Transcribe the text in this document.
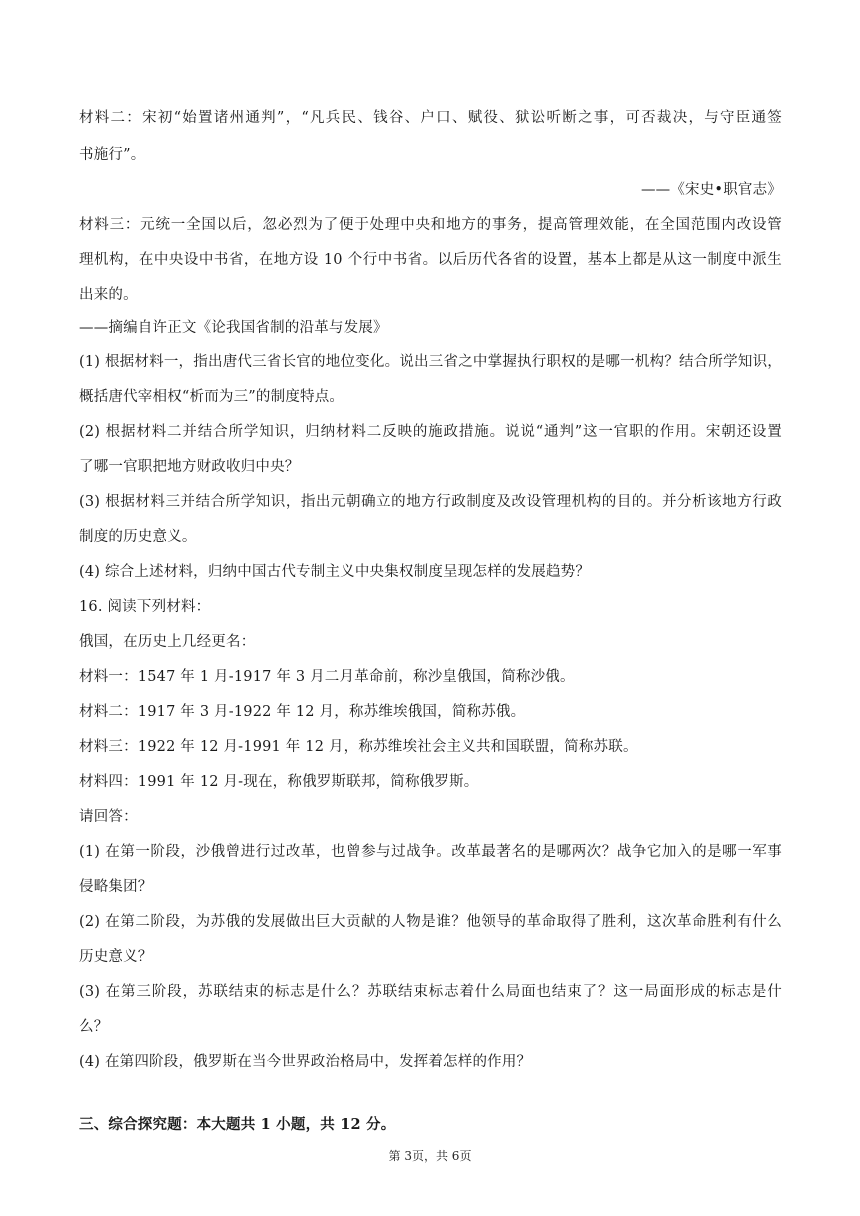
材料二：宋初“始置诸州通判”，“凡兵民、钱谷、户口、赋役、狱讼听断之事，可否裁决，与守臣通签
书施行”。
——《宋史•职官志》
材料三：元统一全国以后，忽必烈为了便于处理中央和地方的事务，提高管理效能，在全国范围内改设管
理机构，在中央设中书省，在地方设 10 个行中书省。以后历代各省的设置，基本上都是从这一制度中派生
出来的。
——摘编自许正文《论我国省制的沿革与发展》
(1) 根据材料一，指出唐代三省长官的地位变化。说出三省之中掌握执行职权的是哪一机构？结合所学知识，
概括唐代宰相权“析而为三”的制度特点。
(2) 根据材料二并结合所学知识，归纳材料二反映的施政措施。说说“通判”这一官职的作用。宋朝还设置
了哪一官职把地方财政收归中央？
(3) 根据材料三并结合所学知识，指出元朝确立的地方行政制度及改设管理机构的目的。并分析该地方行政
制度的历史意义。
(4) 综合上述材料，归纳中国古代专制主义中央集权制度呈现怎样的发展趋势？
16. 阅读下列材料：
俄国，在历史上几经更名：
材料一：1547 年 1 月-1917 年 3 月二月革命前，称沙皇俄国，简称沙俄。
材料二：1917 年 3 月-1922 年 12 月，称苏维埃俄国，简称苏俄。
材料三：1922 年 12 月-1991 年 12 月，称苏维埃社会主义共和国联盟，简称苏联。
材料四：1991 年 12 月-现在，称俄罗斯联邦，简称俄罗斯。
请回答：
(1) 在第一阶段，沙俄曾进行过改革，也曾参与过战争。改革最著名的是哪两次？战争它加入的是哪一军事
侵略集团？
(2) 在第二阶段，为苏俄的发展做出巨大贡献的人物是谁？他领导的革命取得了胜利，这次革命胜利有什么
历史意义？
(3) 在第三阶段，苏联结束的标志是什么？苏联结束标志着什么局面也结束了？这一局面形成的标志是什
么？
(4) 在第四阶段，俄罗斯在当今世界政治格局中，发挥着怎样的作用？
三、综合探究题：本大题共 1 小题，共 12 分。
第 3页，共 6页
